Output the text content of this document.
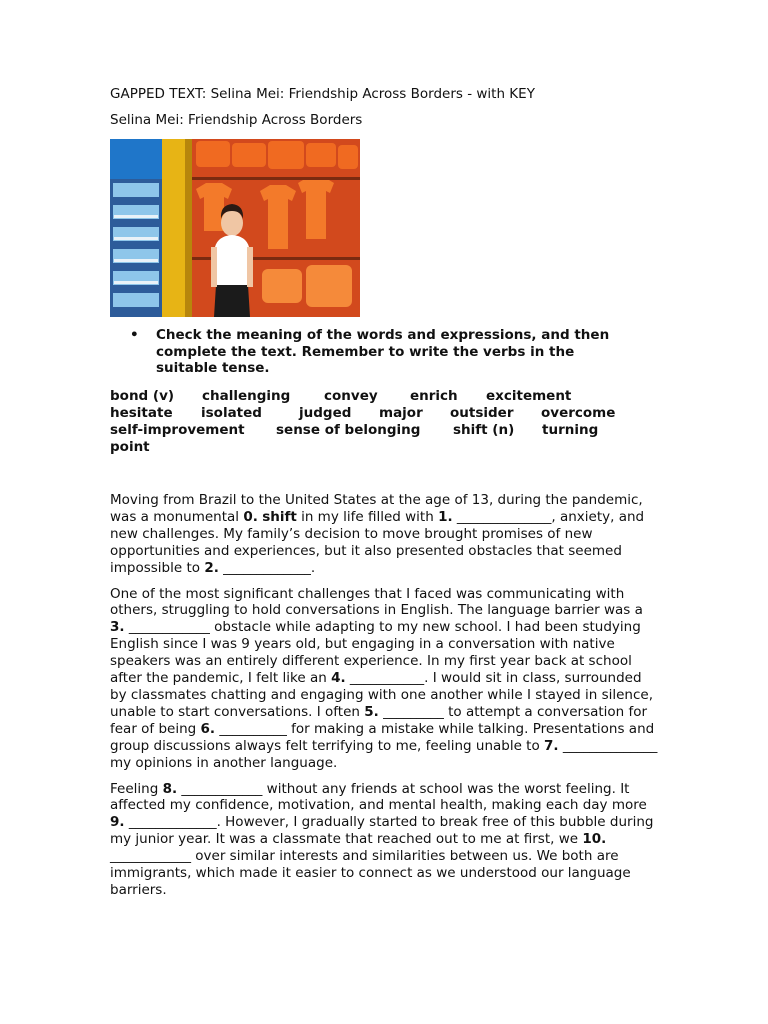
GAPPED TEXT: Selina Mei: Friendship Across Borders - with KEY
Selina Mei: Friendship Across Borders
• Check the meaning of the words and expressions, and then complete the text. Remember to write the verbs in the suitable tense.
bond (v)	challenging	convey	enrich	excitement
hesitate	isolated	judged	major	outsider	overcome
self-improvement	sense of belonging	shift (n)	turning
point

Moving from Brazil to the United States at the age of 13, during the pandemic, was a monumental 0. shift in my life filled with 1. ______________, anxiety, and new challenges. My family’s decision to move brought promises of new opportunities and experiences, but it also presented obstacles that seemed impossible to 2. _____________.

One of the most significant challenges that I faced was communicating with others, struggling to hold conversations in English. The language barrier was a 3. ____________ obstacle while adapting to my new school. I had been studying English since I was 9 years old, but engaging in a conversation with native speakers was an entirely different experience. In my first year back at school after the pandemic, I felt like an 4. ___________. I would sit in class, surrounded by classmates chatting and engaging with one another while I stayed in silence, unable to start conversations. I often 5. _________ to attempt a conversation for fear of being 6. __________ for making a mistake while talking. Presentations and group discussions always felt terrifying to me, feeling unable to 7. ______________ my opinions in another language.

Feeling 8. ____________ without any friends at school was the worst feeling. It affected my confidence, motivation, and mental health, making each day more 9. _____________. However, I gradually started to break free of this bubble during my junior year. It was a classmate that reached out to me at first, we 10. ____________ over similar interests and similarities between us. We both are immigrants, which made it easier to connect as we understood our language barriers.
